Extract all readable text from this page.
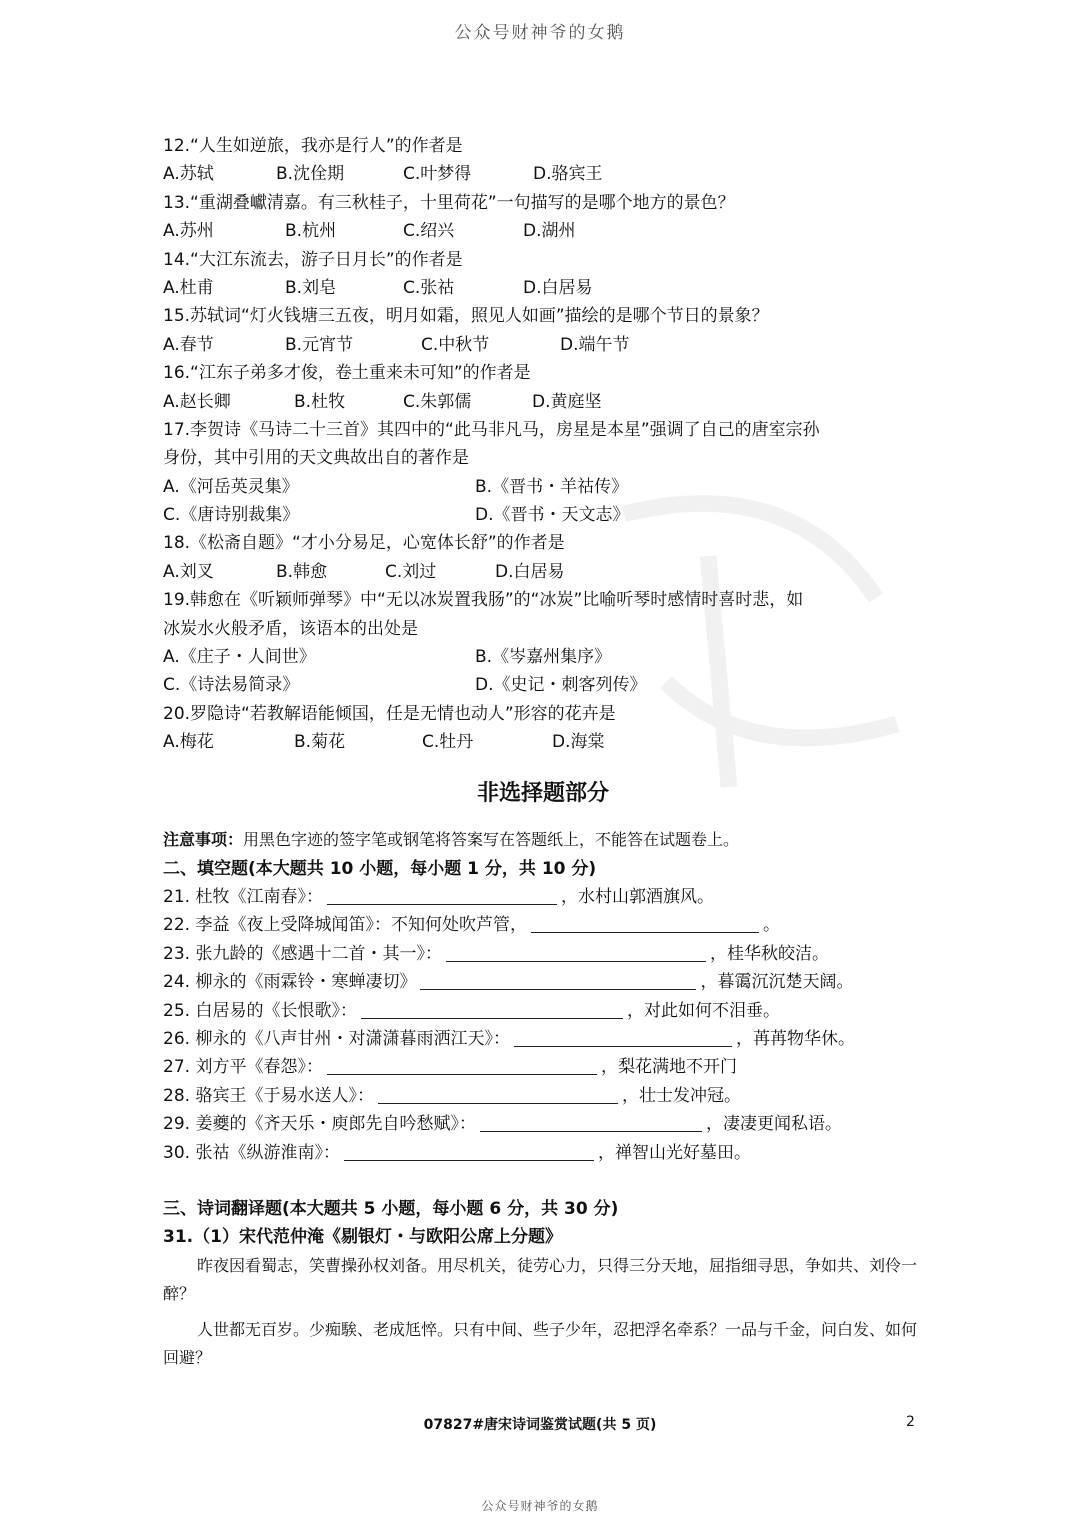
公众号财神爷的女鹅
12.“人生如逆旅，我亦是行人”的作者是
A.苏轼	B.沈佺期	C.叶梦得	D.骆宾王
13.“重湖叠巘清嘉。有三秋桂子，十里荷花”一句描写的是哪个地方的景色？
A.苏州	B.杭州	C.绍兴	D.湖州
14.“大江东流去，游子日月长”的作者是
A.杜甫	B.刘皂	C.张祜	D.白居易
15.苏轼词“灯火钱塘三五夜，明月如霜，照见人如画”描绘的是哪个节日的景象？
A.春节	B.元宵节	C.中秋节	D.端午节
16.“江东子弟多才俊，卷土重来未可知”的作者是
A.赵长卿	B.杜牧	C.朱郭儒	D.黄庭坚
17.李贺诗《马诗二十三首》其四中的“此马非凡马，房星是本星”强调了自己的唐室宗孙
身份，其中引用的天文典故出自的著作是
A.《河岳英灵集》	B.《晋书・羊祜传》
C.《唐诗别裁集》	D.《晋书・天文志》
18.《松斋自题》“才小分易足，心宽体长舒”的作者是
A.刘叉	B.韩愈	C.刘过	D.白居易
19.韩愈在《听颖师弹琴》中“无以冰炭置我肠”的“冰炭”比喻听琴时感情时喜时悲，如
冰炭水火般矛盾，该语本的出处是
A.《庄子・人间世》	B.《岑嘉州集序》
C.《诗法易简录》	D.《史记・刺客列传》
20.罗隐诗“若教解语能倾国，任是无情也动人”形容的花卉是
A.梅花	B.菊花	C.牡丹	D.海棠
非选择题部分
注意事项：用黑色字迹的签字笔或钢笔将答案写在答题纸上，不能答在试题卷上。
二、填空题(本大题共 10 小题，每小题 1 分，共 10 分)
21. 杜牧《江南春》：	，水村山郭酒旗风。
22. 李益《夜上受降城闻笛》：不知何处吹芦管，	。
23. 张九龄的《感遇十二首・其一》：	，桂华秋皎洁。
24. 柳永的《雨霖铃・寒蝉凄切》	，暮霭沉沉楚天阔。
25. 白居易的《长恨歌》：	，对此如何不泪垂。
26. 柳永的《八声甘州・对潇潇暮雨洒江天》：	，苒苒物华休。
27. 刘方平《春怨》：	，梨花满地不开门
28. 骆宾王《于易水送人》：	，壮士发冲冠。
29. 姜夔的《齐天乐・庾郎先自吟愁赋》：	，凄凄更闻私语。
30. 张祜《纵游淮南》：	，禅智山光好墓田。
三、诗词翻译题(本大题共 5 小题，每小题 6 分，共 30 分)
31.（1）宋代范仲淹《剔银灯・与欧阳公席上分题》

昨夜因看蜀志，笑曹操孙权刘备。用尽机关，徒劳心力，只得三分天地，屈指细寻思，争如共、刘伶一醉？

人世都无百岁。少痴騃、老成尪悴。只有中间、些子少年，忍把浮名牵系？一品与千金，问白发、如何回避？

07827#唐宋诗词鉴赏试题(共 5 页)	2
公众号财神爷的女鹅
